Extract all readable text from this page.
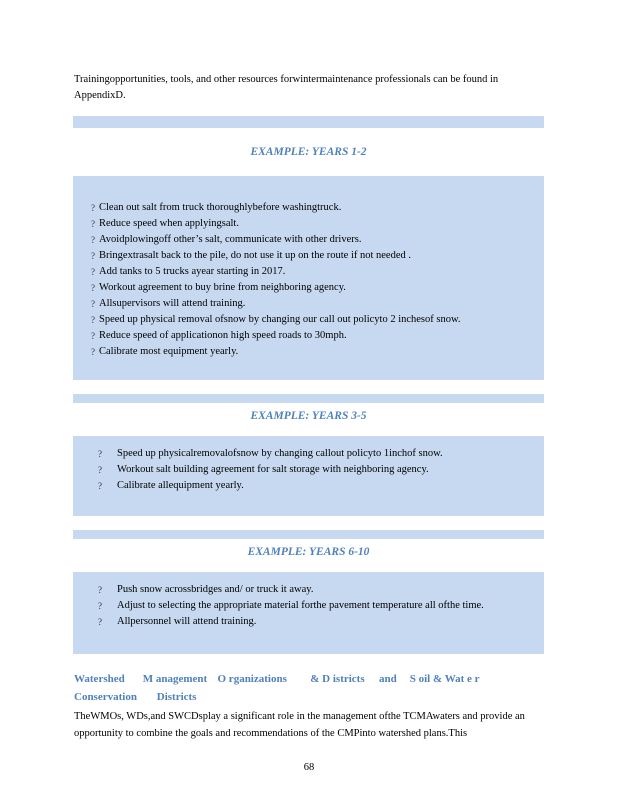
Trainingopportunities, tools, and other resources forwintermaintenance professionals can be found in AppendixD.
EXAMPLE: YEARS 1-2
? Clean out salt from truck thoroughlybefore washingtruck.
? Reduce speed when applyingsalt.
? Avoidplowingoff other’s salt, communicate with other drivers.
? Bringextrasalt back to the pile, do not use it up on the route if not needed .
? Add tanks to 5 trucks ayear starting in 2017.
? Workout agreement to buy brine from neighboring agency.
? Allsupervisors will attend training.
? Speed up physical removal ofsnow by changing our call out policyto 2 inchesof snow.
? Reduce speed of applicationon high speed roads to 30mph.
? Calibrate most equipment yearly.
EXAMPLE: YEARS 3-5
? Speed up physicalremovalofsnow by changing callout policyto 1inchof snow.
? Workout salt building agreement for salt storage with neighboring agency.
? Calibrate allequipment yearly.
EXAMPLE: YEARS 6-10
? Push snow acrossbridges and/ or truck it away.
? Adjust to selecting the appropriate material forthe pavement temperature all ofthe time.
? Allpersonnel will attend training.
Watershed M anagement O rganizations & D istricts and S oil & Wat e r
Conservation Districts
TheWMOs, WDs,and SWCDsplay a significant role in the management ofthe TCMAwaters and provide an opportunity to combine the goals and recommendations of the CMPinto watershed plans.This
68
